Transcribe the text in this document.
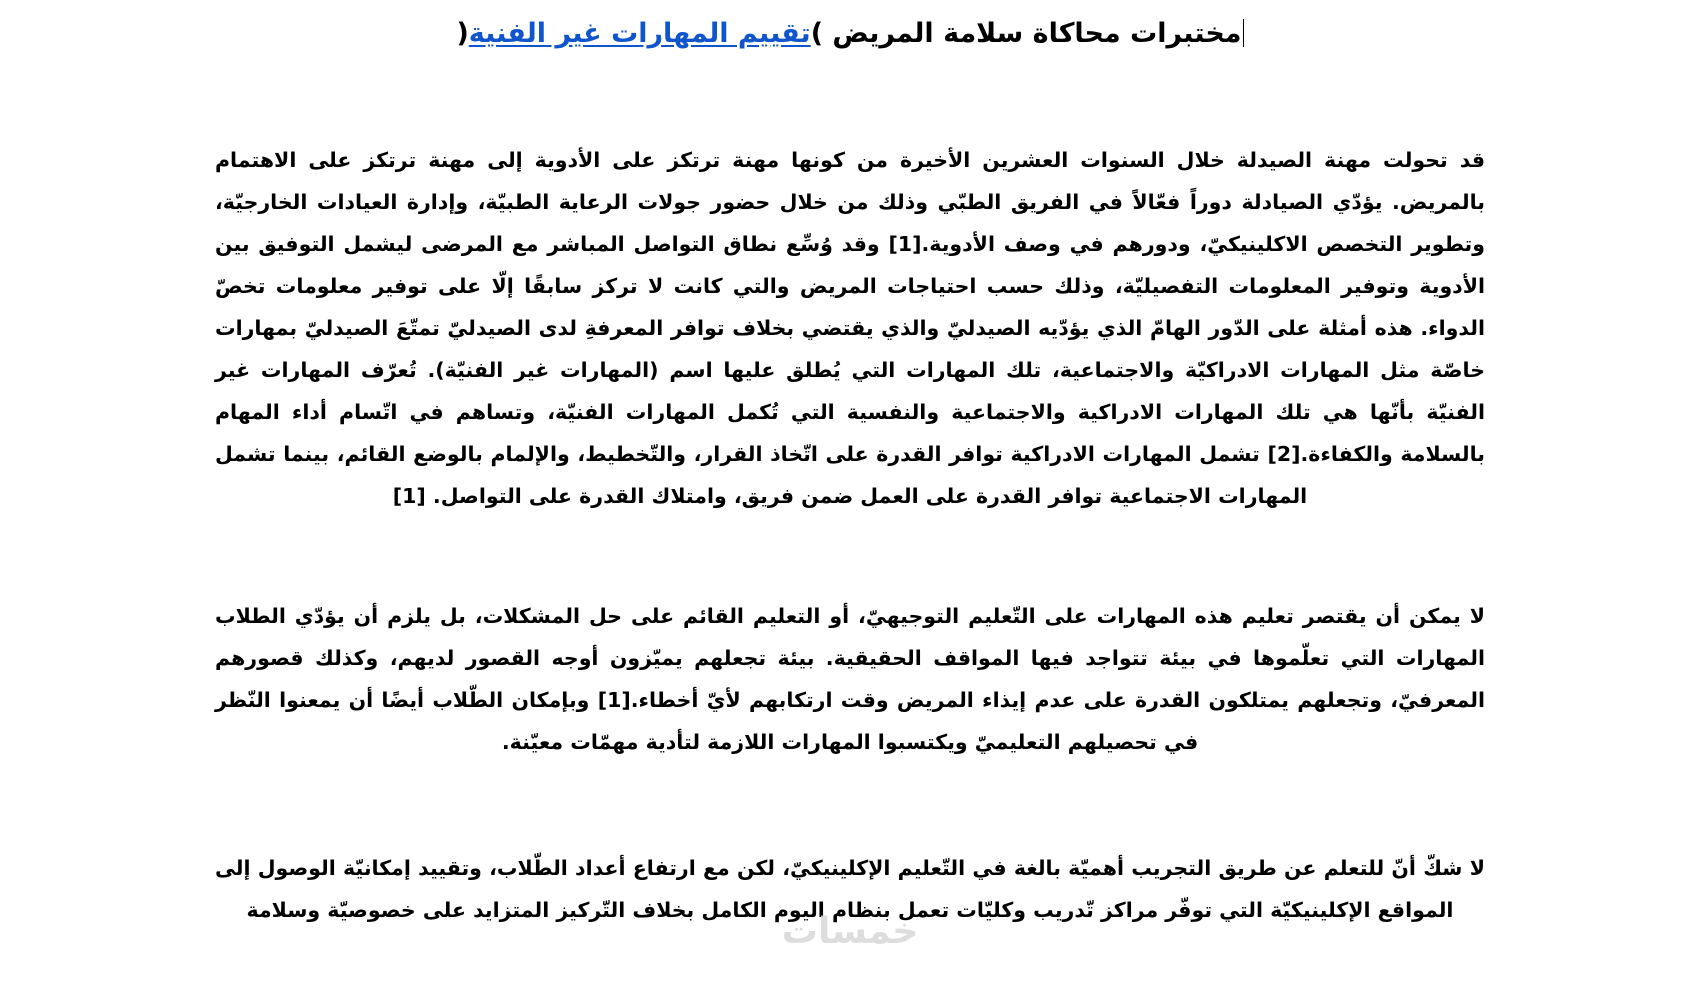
مختبرات محاكاة سلامة المريض )تقييم المهارات غير الفنية(

قد تحولت مهنة الصيدلة خلال السنوات العشرين الأخيرة من كونها مهنة ترتكز على الأدوية إلى مهنة ترتكز على الاهتمام بالمريض. يؤدّي الصيادلة دوراً فعّالاً في الفريق الطبّي وذلك من خلال حضور جولات الرعاية الطبيّة، وإدارة العيادات الخارجيّة، وتطوير التخصص الاكلينيكيّ، ودورهم في وصف الأدوية.[1] وقد وُسِّع نطاق التواصل المباشر مع المرضى ليشمل التوفيق بين الأدوية وتوفير المعلومات التفصيليّة، وذلك حسب احتياجات المريض والتي كانت لا تركز سابقًا إلّا على توفير معلومات تخصّ الدواء. هذه أمثلة على الدّور الهامّ الذي يؤدّيه الصيدليّ والذي يقتضي بخلاف توافر المعرفةِ لدى الصيدليّ تمتّعَ الصيدليّ بمهارات خاصّة مثل المهارات الادراكيّة والاجتماعية، تلك المهارات التي يُطلق عليها اسم (المهارات غير الفنيّة). تُعرّف المهارات غير الفنيّة بأنّها هي تلك المهارات الادراكية والاجتماعية والنفسية التي تُكمل المهارات الفنيّة، وتساهم في اتّسام أداء المهام بالسلامة والكفاءة.[2] تشمل المهارات الادراكية توافر القدرة على اتّخاذ القرار، والتّخطيط، والإلمام بالوضع القائم، بينما تشمل المهارات الاجتماعية توافر القدرة على العمل ضمن فريق، وامتلاك القدرة على التواصل. [1]

لا يمكن أن يقتصر تعليم هذه المهارات على التّعليم التوجيهيّ، أو التعليم القائم على حل المشكلات، بل يلزم أن يؤدّي الطلاب المهارات التي تعلّموها في بيئة تتواجد فيها المواقف الحقيقية. بيئة تجعلهم يميّزون أوجه القصور لديهم، وكذلك قصورهم المعرفيّ، وتجعلهم يمتلكون القدرة على عدم إيذاء المريض وقت ارتكابهم لأيّ أخطاء.[1] وبإمكان الطّلاب أيضًا أن يمعنوا النّظر في تحصيلهم التعليميّ ويكتسبوا المهارات اللازمة لتأدية مهمّات معيّنة.

لا شكّ أنّ للتعلم عن طريق التجريب أهميّة بالغة في التّعليم الإكلينيكيّ، لكن مع ارتفاع أعداد الطّلاب، وتقييد إمكانيّة الوصول إلى المواقع الإكلينيكيّة التي توفّر مراكز تّدريب وكليّات تعمل بنظام اليوم الكامل بخلاف التّركيز المتزايد على خصوصيّة وسلامة

خمسات
